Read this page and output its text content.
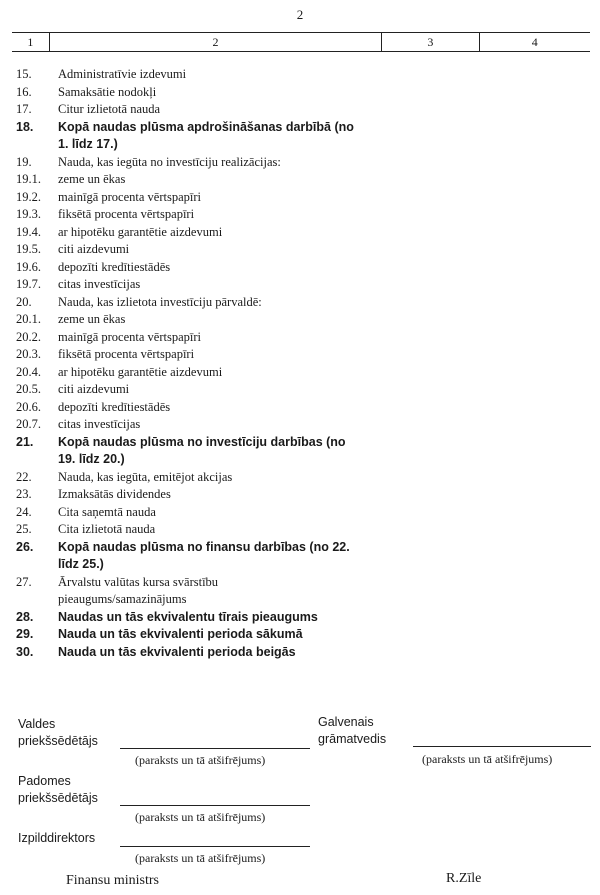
2
1	2	3	4
15.	Administratīvie izdevumi
16.	Samaksātie nodokļi
17.	Citur izlietotā nauda
18.	Kopā naudas plūsma apdrošināšanas darbībā (no
1. līdz 17.)
19.	Nauda, kas iegūta no investīciju realizācijas:
19.1.	zeme un ēkas
19.2.	mainīgā procenta vērtspapīri
19.3.	fiksētā procenta vērtspapīri
19.4.	ar hipotēku garantētie aizdevumi
19.5.	citi aizdevumi
19.6.	depozīti kredītiestādēs
19.7.	citas investīcijas
20.	Nauda, kas izlietota investīciju pārvaldē:
20.1.	zeme un ēkas
20.2.	mainīgā procenta vērtspapīri
20.3.	fiksētā procenta vērtspapīri
20.4.	ar hipotēku garantētie aizdevumi
20.5.	citi aizdevumi
20.6.	depozīti kredītiestādēs
20.7.	citas investīcijas
21.	Kopā naudas plūsma no investīciju darbības (no
19. līdz 20.)
22.	Nauda, kas iegūta, emitējot akcijas
23.	Izmaksātās dividendes
24.	Cita saņemtā nauda
25.	Cita izlietotā nauda
26.	Kopā naudas plūsma no finansu darbības (no 22.
līdz 25.)
27.	Ārvalstu valūtas kursa svārstību
pieaugums/samazinājums
28.	Naudas un tās ekvivalentu tīrais pieaugums
29.	Nauda un tās ekvivalenti perioda sākumā
30.	Nauda un tās ekvivalenti perioda beigās
Valdes
priekšsēdētājs
(paraksts un tā atšifrējums)
Galvenais
grāmatvedis
(paraksts un tā atšifrējums)
Padomes
priekšsēdētājs
(paraksts un tā atšifrējums)
Izpilddirektors
(paraksts un tā atšifrējums)
Finansu ministrs	R.Zīle
